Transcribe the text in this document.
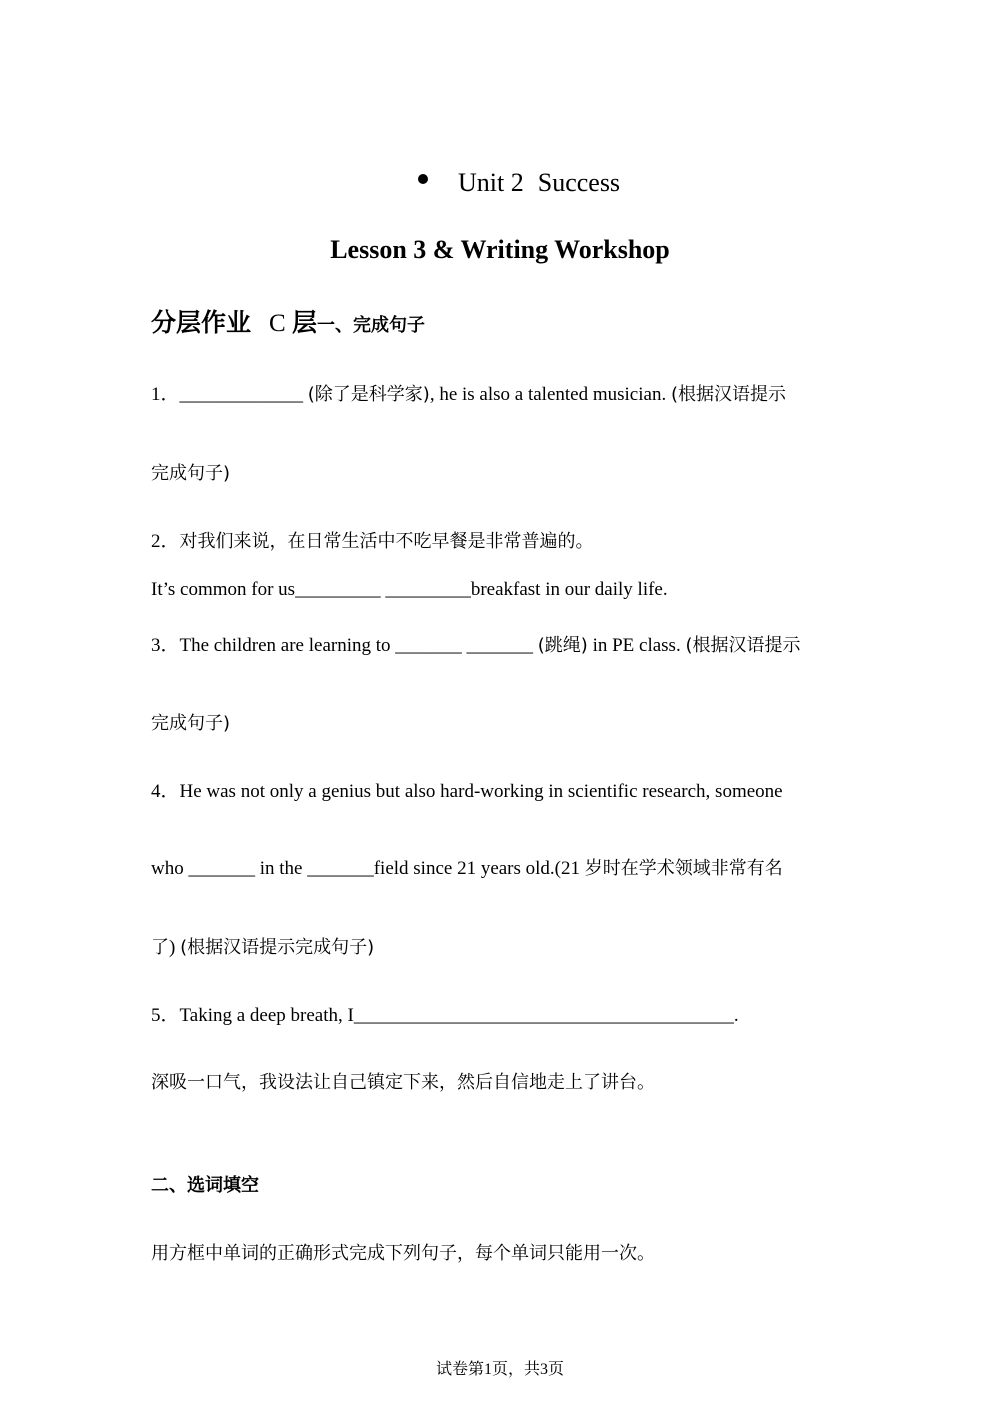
Unit 2 Success
Lesson 3 & Writing Workshop
分层作业 C 层一、完成句子
1．_____________ (除了是科学家), he is also a talented musician. (根据汉语提示
完成句子)
2．对我们来说，在日常生活中不吃早餐是非常普遍的。
It’s common for us_________ _________breakfast in our daily life.
3．The children are learning to _______ _______ (跳绳) in PE class. (根据汉语提示
完成句子)
4．He was not only a genius but also hard-working in scientific research, someone
who _______ in the _______field since 21 years old.(21 岁时在学术领域非常有名
了) (根据汉语提示完成句子)
5．Taking a deep breath, I________________________________________.
深吸一口气，我设法让自己镇定下来，然后自信地走上了讲台。
二、选词填空
用方框中单词的正确形式完成下列句子，每个单词只能用一次。
试卷第1页，共3页
